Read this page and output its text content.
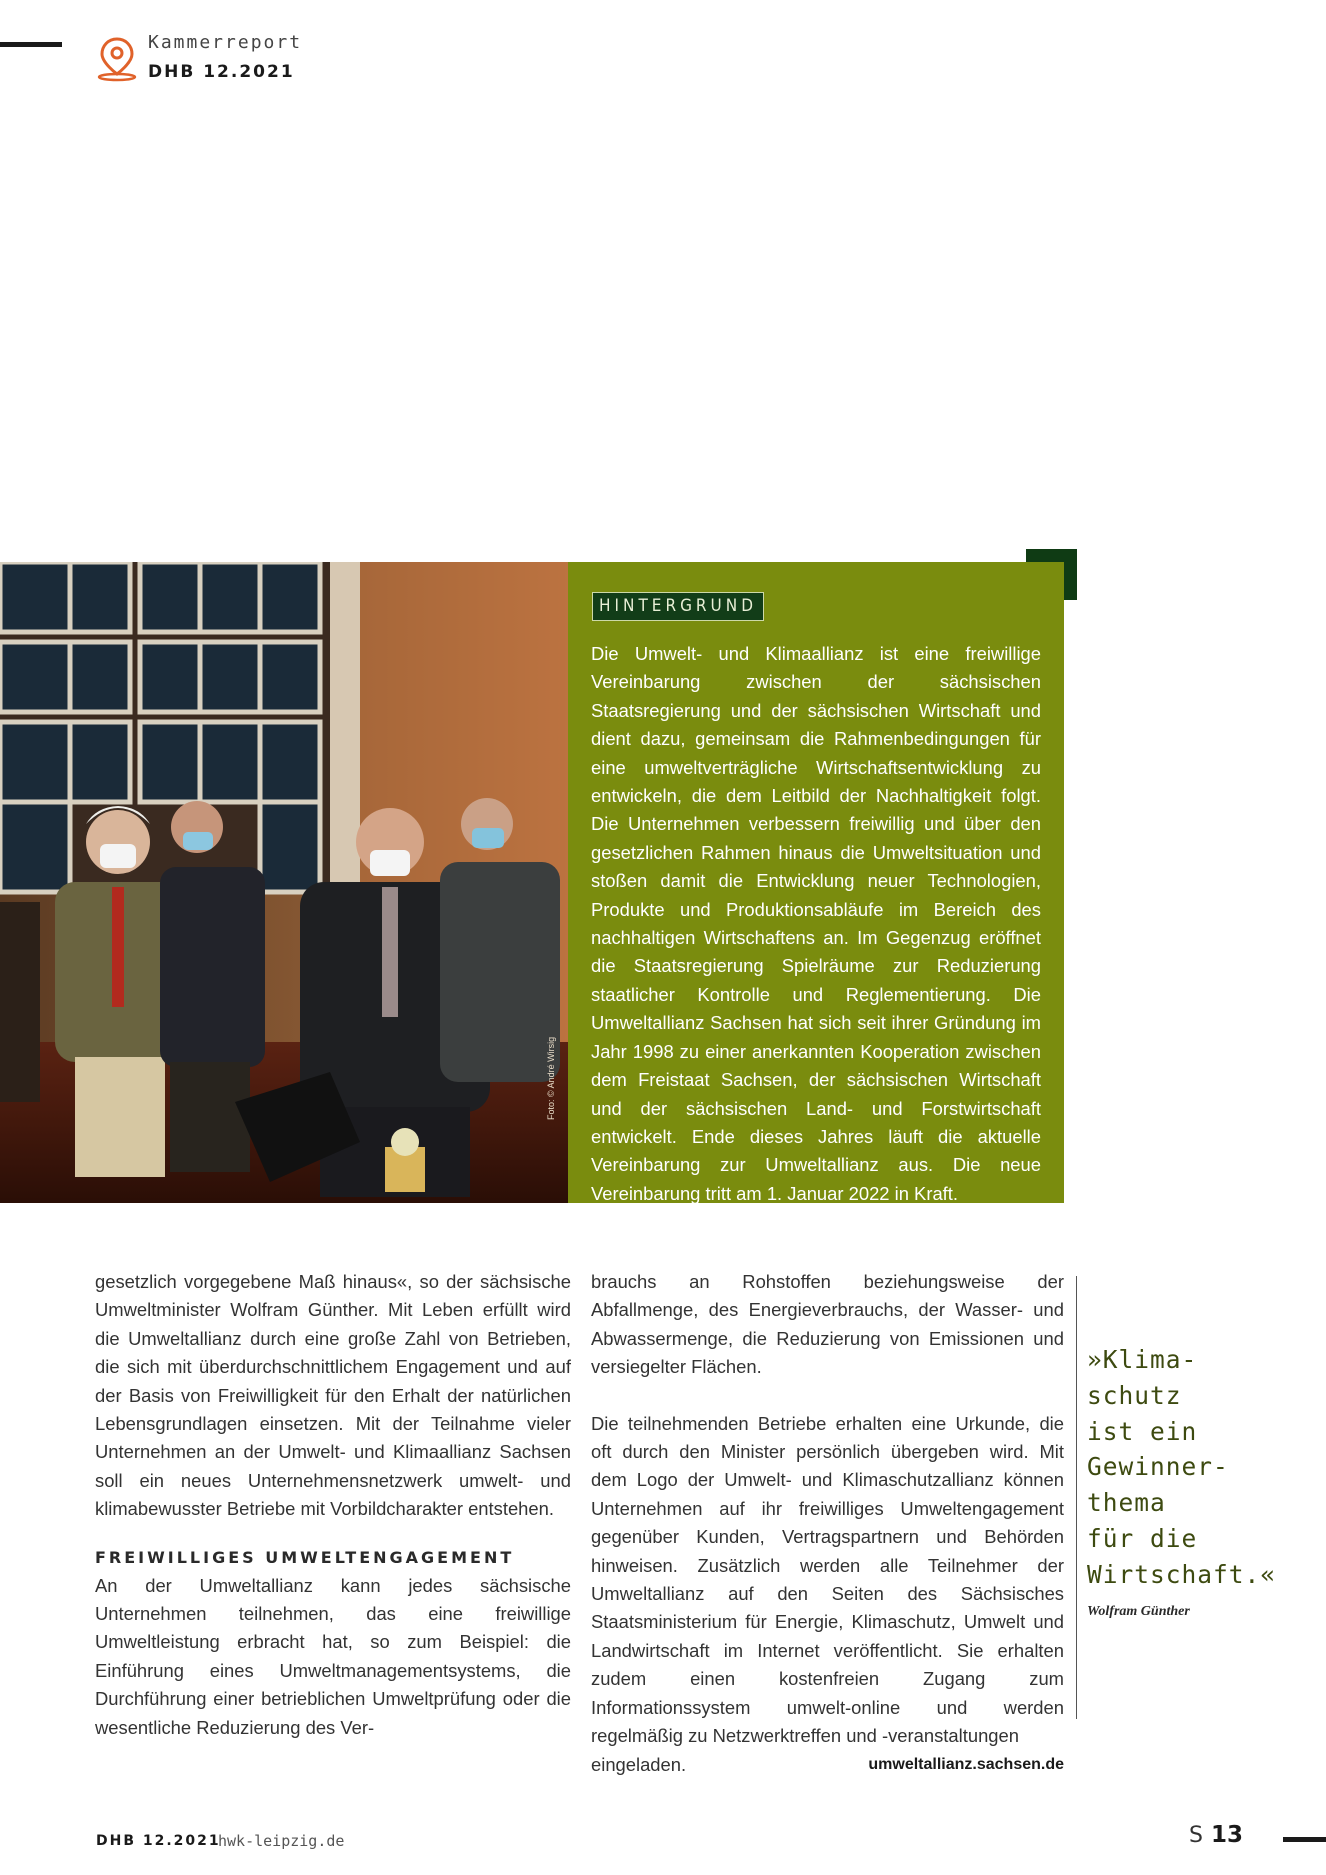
Kammerreport
DHB 12.2021
Foto: © André Wirsig
HINTERGRUND
Die Umwelt- und Klimaallianz ist eine freiwillige Vereinbarung zwischen der sächsischen Staatsregierung und der sächsischen Wirtschaft und dient dazu, gemeinsam die Rahmenbedingungen für eine umweltverträgliche Wirtschaftsentwicklung zu entwickeln, die dem Leitbild der Nachhaltigkeit folgt. Die Unternehmen verbessern freiwillig und über den gesetzlichen Rahmen hinaus die Umweltsituation und stoßen damit die Entwicklung neuer Technologien, Produkte und Produktionsabläufe im Bereich des nachhaltigen Wirtschaftens an. Im Gegenzug eröffnet die Staatsregierung Spielräume zur Reduzierung staatlicher Kontrolle und Reglementierung. Die Umweltallianz Sachsen hat sich seit ihrer Gründung im Jahr 1998 zu einer anerkannten Kooperation zwischen dem Freistaat Sachsen, der sächsischen Wirtschaft und der sächsischen Land- und Forstwirtschaft entwickelt. Ende dieses Jahres läuft die aktuelle Vereinbarung zur Umweltallianz aus. Die neue Vereinbarung tritt am 1. Januar 2022 in Kraft.

gesetzlich vorgegebene Maß hinaus«, so der sächsische Umweltminister Wolfram Günther. Mit Leben erfüllt wird die Umweltallianz durch eine große Zahl von Betrieben, die sich mit überdurchschnittlichem Engagement und auf der Basis von Freiwilligkeit für den Erhalt der natürlichen Lebensgrundlagen einsetzen. Mit der Teilnahme vieler Unternehmen an der Umwelt- und Klimaallianz Sachsen soll ein neues Unternehmensnetzwerk umwelt- und klimabewusster Betriebe mit Vorbildcharakter entstehen.

FREIWILLIGES UMWELTENGAGEMENT

An der Umweltallianz kann jedes sächsische Unternehmen teilnehmen, das eine freiwillige Umweltleistung erbracht hat, so zum Beispiel: die Einführung eines Umweltmanagementsystems, die Durchführung einer betrieblichen Umweltprüfung oder die wesentliche Reduzierung des Ver-

brauchs an Rohstoffen beziehungsweise der Abfallmenge, des Energieverbrauchs, der Wasser- und Abwassermenge, die Reduzierung von Emissionen und versiegelter Flächen.

Die teilnehmenden Betriebe erhalten eine Urkunde, die oft durch den Minister persönlich übergeben wird. Mit dem Logo der Umwelt- und Klimaschutzallianz können Unternehmen auf ihr freiwilliges Umweltengagement gegenüber Kunden, Vertragspartnern und Behörden hinweisen. Zusätzlich werden alle Teilnehmer der Umweltallianz auf den Seiten des Sächsisches Staatsministerium für Energie, Klimaschutz, Umwelt und Landwirtschaft im Internet veröffentlicht. Sie erhalten zudem einen kostenfreien Zugang zum Informationssystem umwelt-online und werden regelmäßig zu Netzwerktreffen und -veranstaltungen

eingeladen.	umweltallianz.sachsen.de
»Klima-
schutz
ist ein
Gewinner-
thema
für die
Wirtschaft.«
Wolfram Günther
DHB 12.2021
hwk-leipzig.de	S 13
